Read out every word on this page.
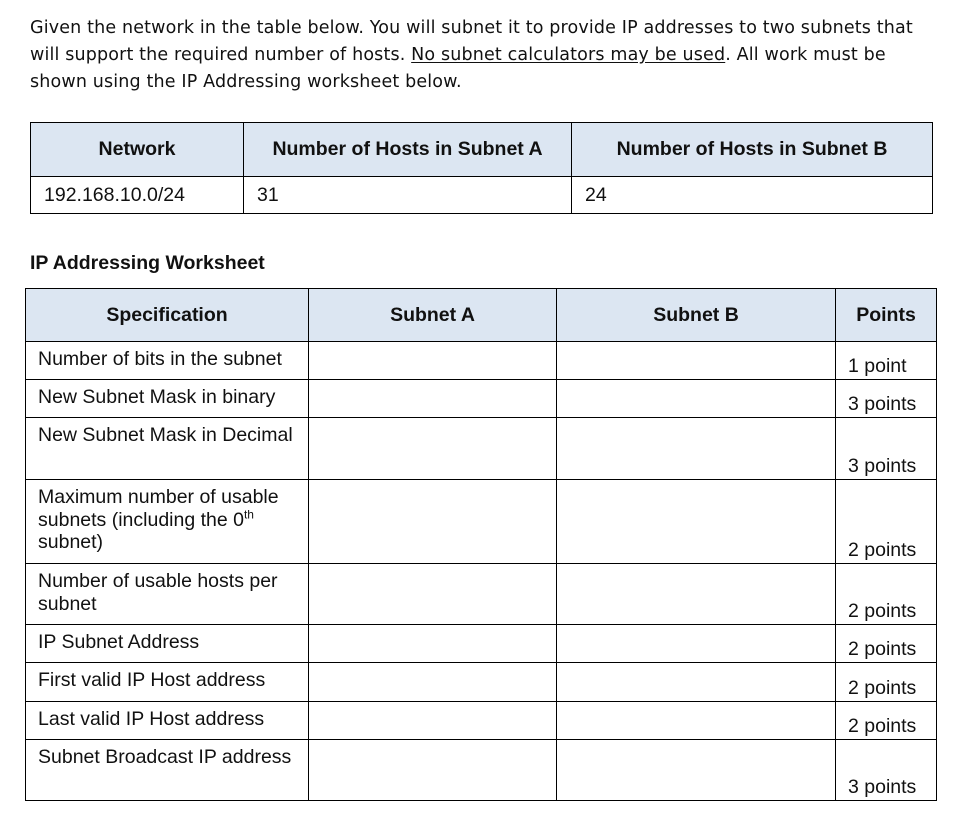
Given the network in the table below. You will subnet it to provide IP addresses to two subnets that will support the required number of hosts. No subnet calculators may be used. All work must be shown using the IP Addressing worksheet below.

Network	Number of Hosts in Subnet A	Number of Hosts in Subnet B
192.168.10.0/24	31	24
IP Addressing Worksheet
Specification	Subnet A	Subnet B	Points
Number of bits in the subnet			1 point
New Subnet Mask in binary			3 points
New Subnet Mask in Decimal			3 points
Maximum number of usable subnets (including the 0th subnet)			2 points
Number of usable hosts per subnet			2 points
IP Subnet Address			2 points
First valid IP Host address			2 points
Last valid IP Host address			2 points
Subnet Broadcast IP address			3 points
